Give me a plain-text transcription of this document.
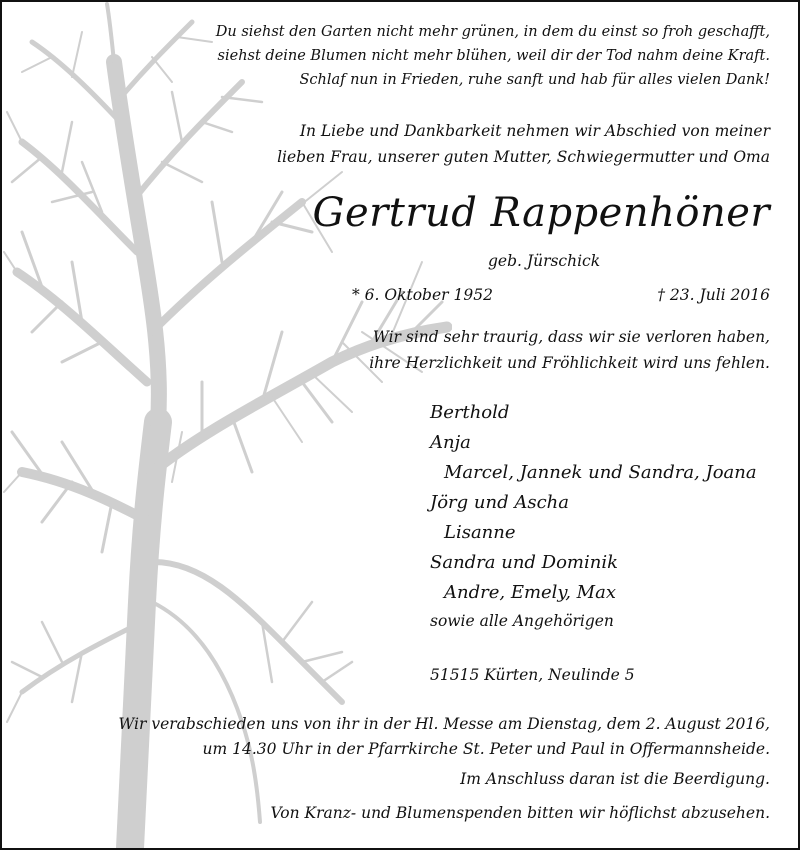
Du siehst den Garten nicht mehr grünen, in dem du einst so froh geschafft,
siehst deine Blumen nicht mehr blühen, weil dir der Tod nahm deine Kraft.
Schlaf nun in Frieden, ruhe sanft und hab für alles vielen Dank!
In Liebe und Dankbarkeit nehmen wir Abschied von meiner
lieben Frau, unserer guten Mutter, Schwiegermutter und Oma
Gertrud Rappenhöner
geb. Jürschick
* 6. Oktober 1952	† 23. Juli 2016
Wir sind sehr traurig, dass wir sie verloren haben,
ihre Herzlichkeit und Fröhlichkeit wird uns fehlen.
Berthold
Anja
Marcel, Jannek und Sandra, Joana
Jörg und Ascha
Lisanne
Sandra und Dominik
Andre, Emely, Max
sowie alle Angehörigen
51515 Kürten, Neulinde 5
Wir verabschieden uns von ihr in der Hl. Messe am Dienstag, dem 2. August 2016,
um 14.30 Uhr in der Pfarrkirche St. Peter und Paul in Offermannsheide.
Im Anschluss daran ist die Beerdigung.
Von Kranz- und Blumenspenden bitten wir höflichst abzusehen.
